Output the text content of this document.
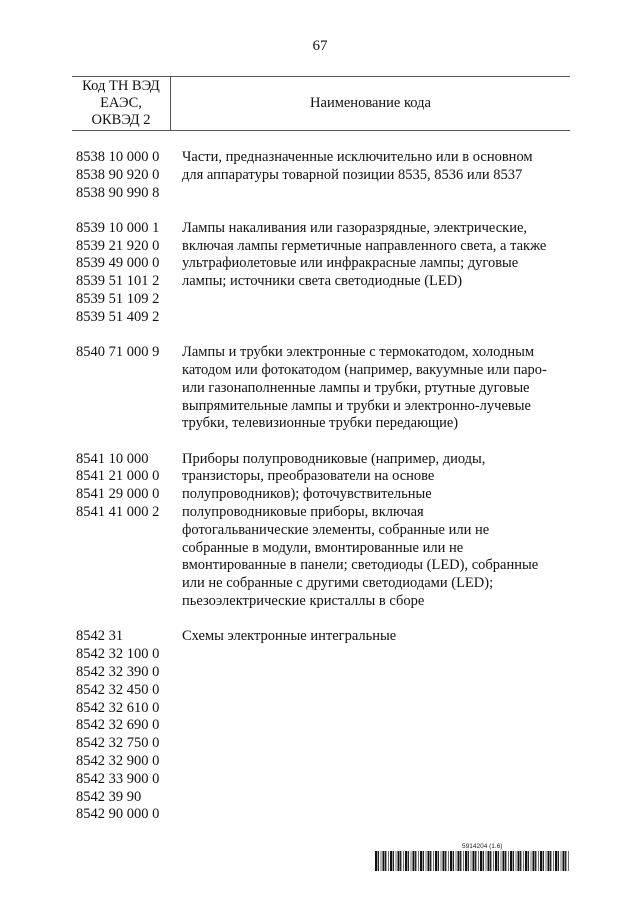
67
Код ТН ВЭД
ЕАЭС,
ОКВЭД 2
Наименование кода
8538 10 000 0
8538 90 920 0
8538 90 990 8
Части, предназначенные исключительно или в основном
для аппаратуры товарной позиции 8535, 8536 или 8537
8539 10 000 1
8539 21 920 0
8539 49 000 0
8539 51 101 2
8539 51 109 2
8539 51 409 2
Лампы накаливания или газоразрядные, электрические,
включая лампы герметичные направленного света, а также
ультрафиолетовые или инфракрасные лампы; дуговые
лампы; источники света светодиодные (LED)
8540 71 000 9	Лампы и трубки электронные с термокатодом, холодным
катодом или фотокатодом (например, вакуумные или паро-
или газонаполненные лампы и трубки, ртутные дуговые
выпрямительные лампы и трубки и электронно-лучевые
трубки, телевизионные трубки передающие)
8541 10 000
8541 21 000 0
8541 29 000 0
8541 41 000 2
Приборы полупроводниковые (например, диоды,
транзисторы, преобразователи на основе
полупроводников); фоточувствительные
полупроводниковые приборы, включая
фотогальванические элементы, собранные или не
собранные в модули, вмонтированные или не
вмонтированные в панели; светодиоды (LED), собранные
или не собранные с другими светодиодами (LED);
пьезоэлектрические кристаллы в сборе
8542 31
8542 32 100 0
8542 32 390 0
8542 32 450 0
8542 32 610 0
8542 32 690 0
8542 32 750 0
8542 32 900 0
8542 33 900 0
8542 39 90
8542 90 000 0
Схемы электронные интегральные
5914204 (1.6)
